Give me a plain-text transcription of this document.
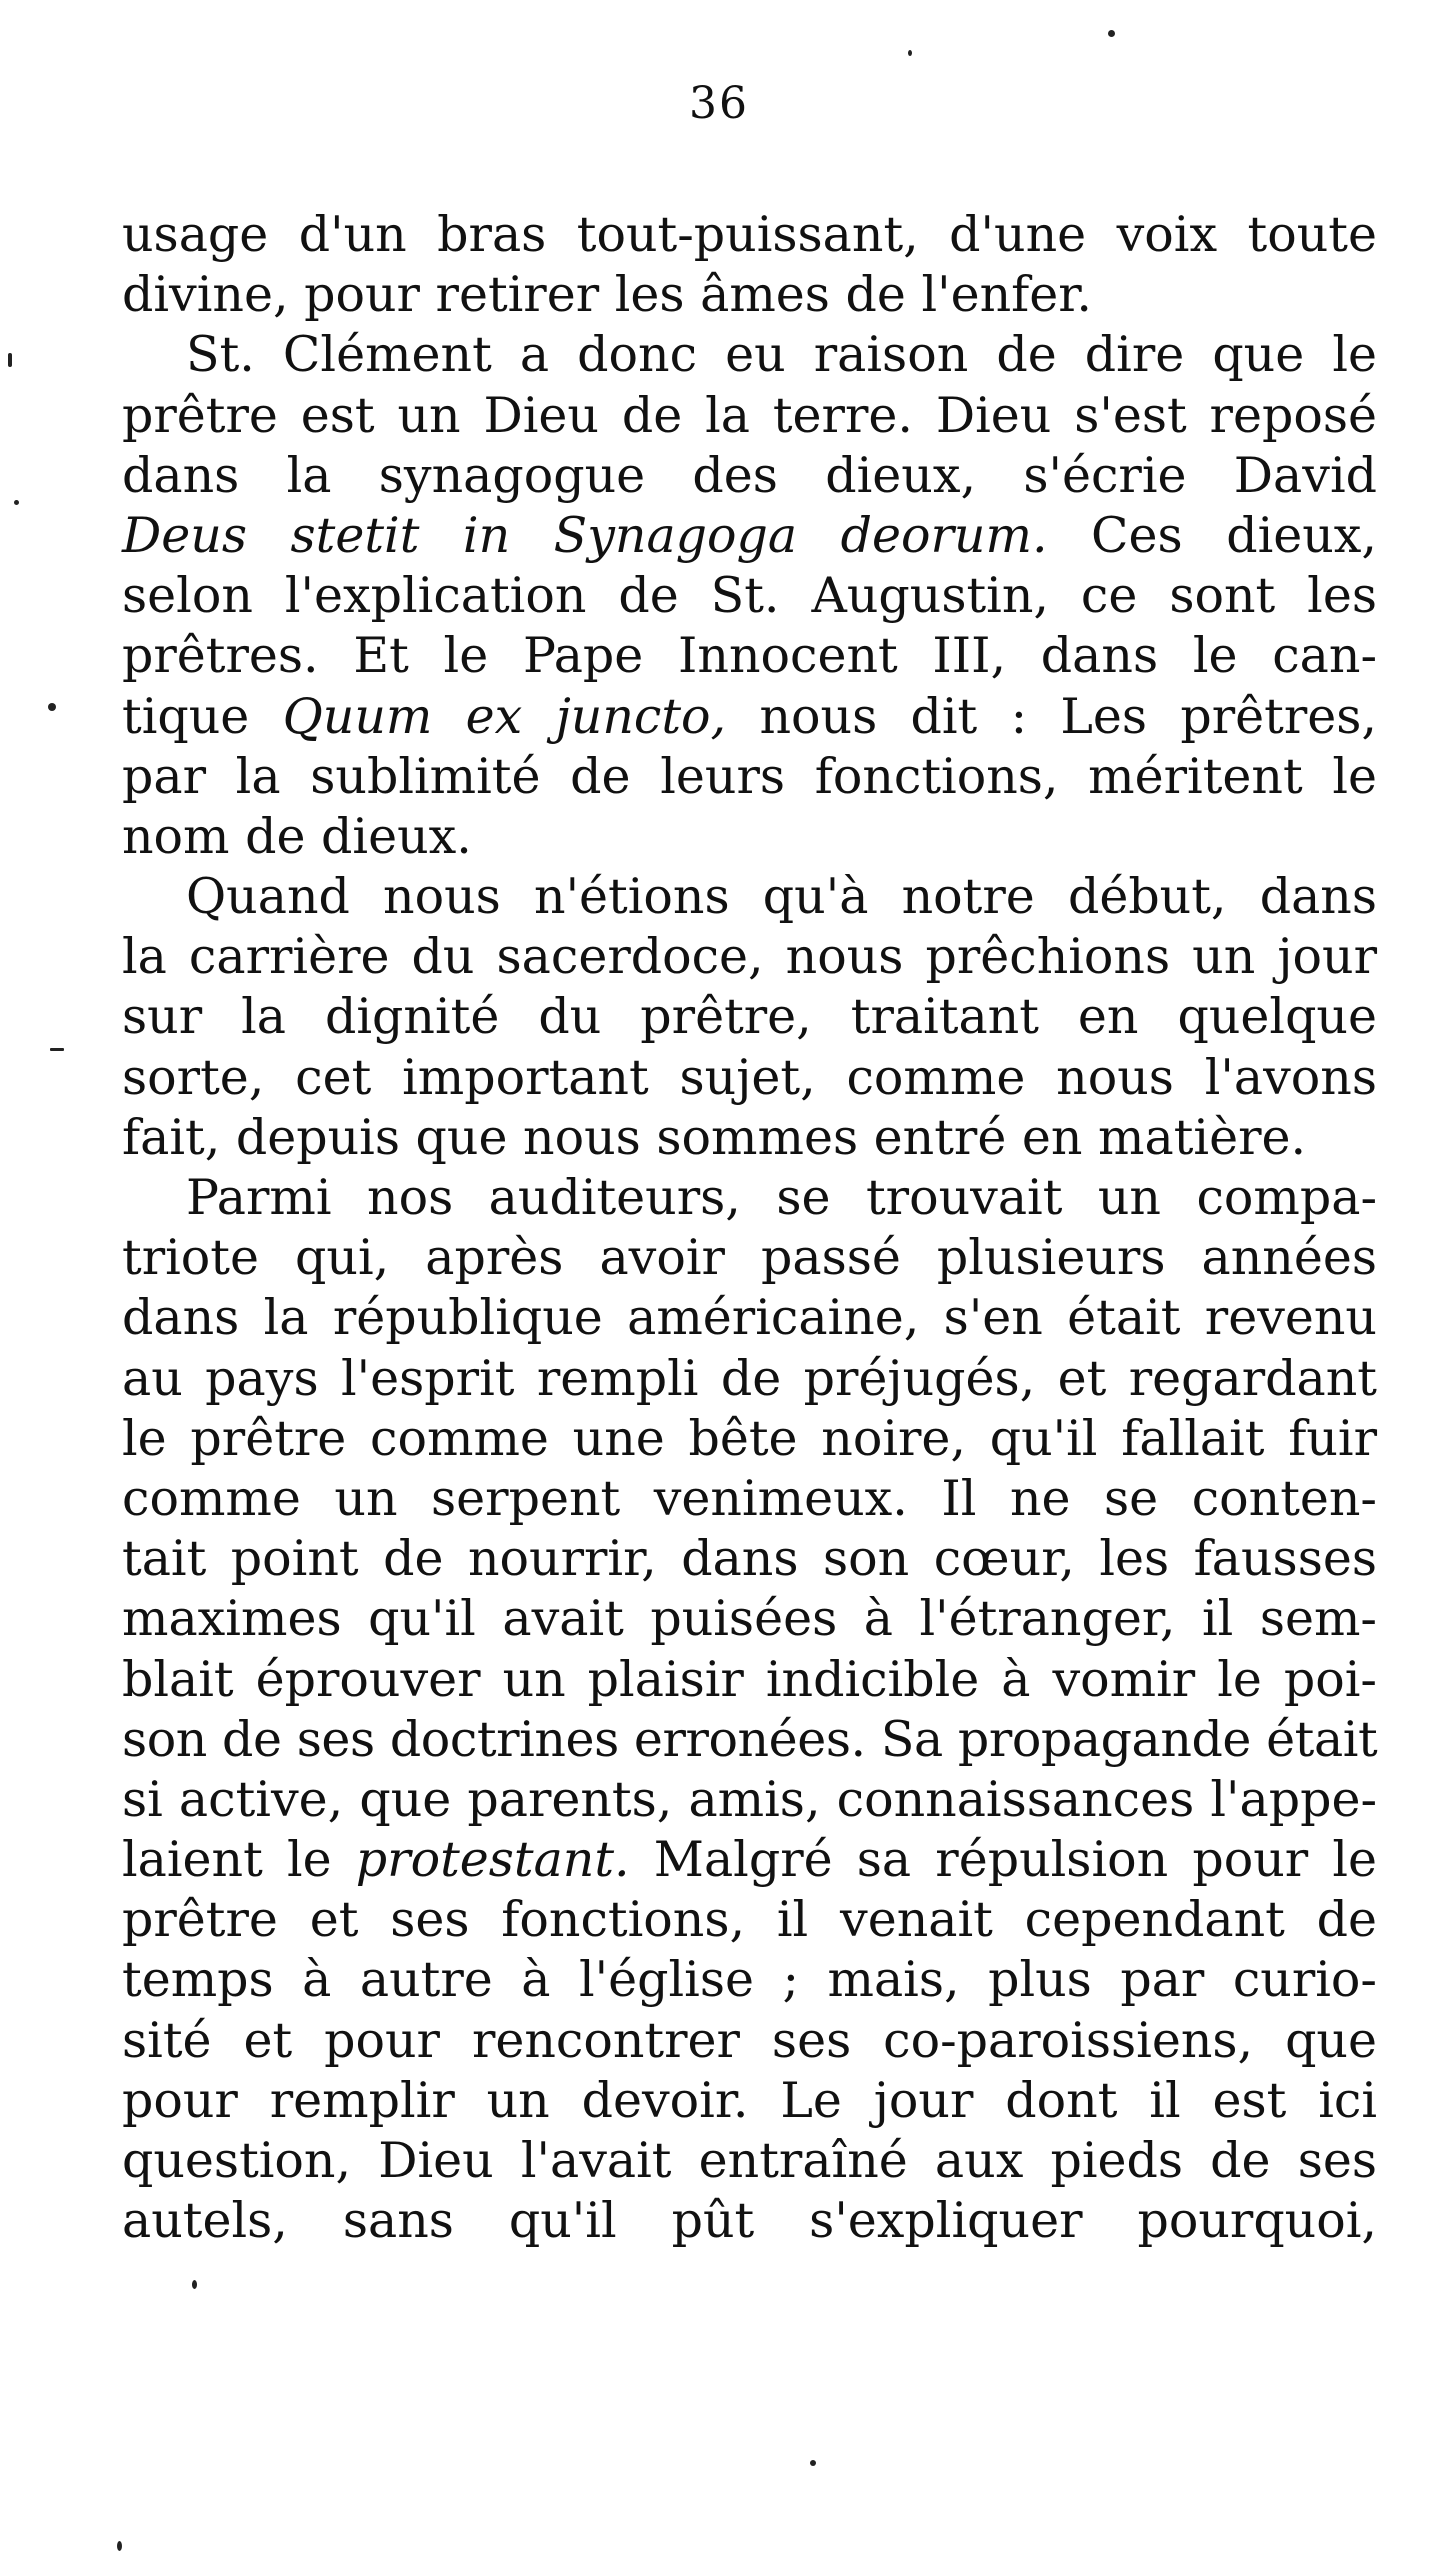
36
usage d'un bras tout-puissant, d'une voix toute
divine, pour retirer les âmes de l'enfer.
St. Clément a donc eu raison de dire que le
prêtre est un Dieu de la terre. Dieu s'est reposé
dans la synagogue des dieux, s'écrie David
Deus stetit in Synagoga deorum. Ces dieux,
selon l'explication de St. Augustin, ce sont les
prêtres. Et le Pape Innocent III, dans le can-
tique Quum ex juncto, nous dit : Les prêtres,
par la sublimité de leurs fonctions, méritent le
nom de dieux.
Quand nous n'étions qu'à notre début, dans
la carrière du sacerdoce, nous prêchions un jour
sur la dignité du prêtre, traitant en quelque
sorte, cet important sujet, comme nous l'avons
fait, depuis que nous sommes entré en matière.
Parmi nos auditeurs, se trouvait un compa-
triote qui, après avoir passé plusieurs années
dans la république américaine, s'en était revenu
au pays l'esprit rempli de préjugés, et regardant
le prêtre comme une bête noire, qu'il fallait fuir
comme un serpent venimeux. Il ne se conten-
tait point de nourrir, dans son cœur, les fausses
maximes qu'il avait puisées à l'étranger, il sem-
blait éprouver un plaisir indicible à vomir le poi-
son de ses doctrines erronées. Sa propagande était
si active, que parents, amis, connaissances l'appe-
laient le protestant. Malgré sa répulsion pour le
prêtre et ses fonctions, il venait cependant de
temps à autre à l'église ; mais, plus par curio-
sité et pour rencontrer ses co-paroissiens, que
pour remplir un devoir. Le jour dont il est ici
question, Dieu l'avait entraîné aux pieds de ses
autels, sans qu'il pût s'expliquer pourquoi,
